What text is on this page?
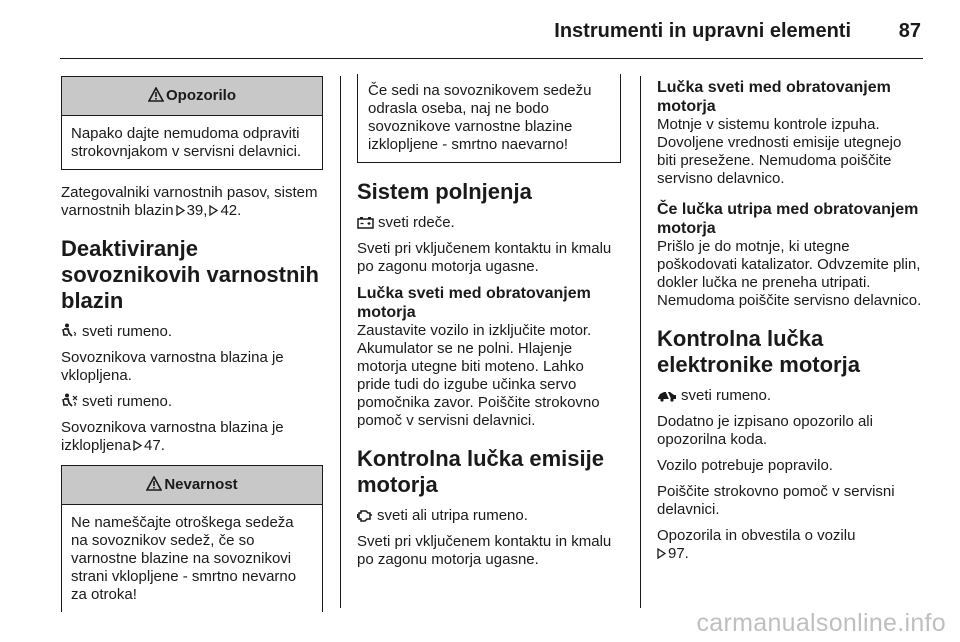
Instrumenti in upravni elementi 87
Opozorilo
Napako dajte nemudoma odpraviti strokovnjakom v servisni delavnici.

Zategovalniki varnostnih pasov, sistem varnostnih blazin 39, 42.

Deaktiviranje sovoznikovih varnostnih blazin

sveti rumeno.

Sovoznikova varnostna blazina je vklopljena.

sveti rumeno.

Sovoznikova varnostna blazina je izklopljena 47.

Nevarnost
Ne nameščajte otroškega sedeža na sovoznikov sedež, če so varnostne blazine na sovoznikovi strani vklopljene - smrtno nevarno za otroka!
Če sedi na sovoznikovem sedežu odrasla oseba, naj ne bodo sovoznikove varnostne blazine izklopljene - smrtno naevarno!
Sistem polnjenja

sveti rdeče.

Sveti pri vključenem kontaktu in kmalu po zagonu motorja ugasne.

Lučka sveti med obratovanjem motorja

Zaustavite vozilo in izključite motor. Akumulator se ne polni. Hlajenje motorja utegne biti moteno. Lahko pride tudi do izgube učinka servo pomočnika zavor. Poiščite strokovno pomoč v servisni delavnici.

Kontrolna lučka emisije motorja

sveti ali utripa rumeno.

Sveti pri vključenem kontaktu in kmalu po zagonu motorja ugasne.

Lučka sveti med obratovanjem motorja

Motnje v sistemu kontrole izpuha. Dovoljene vrednosti emisije utegnejo biti presežene. Nemudoma poiščite servisno delavnico.

Če lučka utripa med obratovanjem motorja

Prišlo je do motnje, ki utegne poškodovati katalizator. Odvzemite plin, dokler lučka ne preneha utripati. Nemudoma poiščite servisno delavnico.

Kontrolna lučka elektronike motorja

sveti rumeno.

Dodatno je izpisano opozorilo ali opozorilna koda.

Vozilo potrebuje popravilo.

Poiščite strokovno pomoč v servisni delavnici.

Opozorila in obvestila o vozilu
97.

carmanualsonline.info
